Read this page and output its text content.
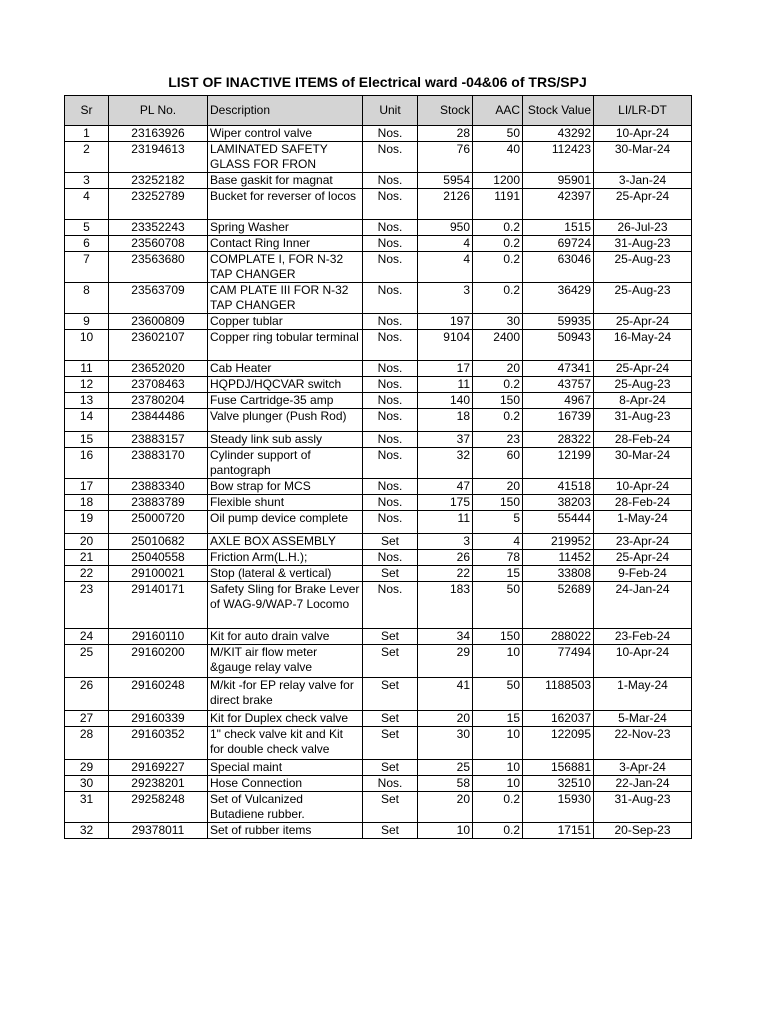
LIST OF INACTIVE ITEMS of Electrical ward -04&06 of TRS/SPJ
Sr	PL No.	Description	Unit	Stock	AAC	Stock Value	LI/LR-DT
1	23163926	Wiper control valve	Nos.	28	50	43292	10-Apr-24
2	23194613	LAMINATED SAFETY GLASS FOR FRON	Nos.	76	40	112423	30-Mar-24
3	23252182	Base gaskit for magnat	Nos.	5954	1200	95901	3-Jan-24
4	23252789	Bucket for reverser of locos	Nos.	2126	1191	42397	25-Apr-24
5	23352243	Spring Washer	Nos.	950	0.2	1515	26-Jul-23
6	23560708	Contact Ring Inner	Nos.	4	0.2	69724	31-Aug-23
7	23563680	COMPLATE I, FOR N-32 TAP CHANGER	Nos.	4	0.2	63046	25-Aug-23
8	23563709	CAM PLATE III FOR N-32 TAP CHANGER	Nos.	3	0.2	36429	25-Aug-23
9	23600809	Copper tublar	Nos.	197	30	59935	25-Apr-24
10	23602107	Copper ring tobular terminal	Nos.	9104	2400	50943	16-May-24
11	23652020	Cab Heater	Nos.	17	20	47341	25-Apr-24
12	23708463	HQPDJ/HQCVAR switch	Nos.	11	0.2	43757	25-Aug-23
13	23780204	Fuse Cartridge-35 amp	Nos.	140	150	4967	8-Apr-24
14	23844486	Valve plunger (Push Rod)	Nos.	18	0.2	16739	31-Aug-23
15	23883157	Steady link sub assly	Nos.	37	23	28322	28-Feb-24
16	23883170	Cylinder support of pantograph	Nos.	32	60	12199	30-Mar-24
17	23883340	Bow strap for MCS	Nos.	47	20	41518	10-Apr-24
18	23883789	Flexible shunt	Nos.	175	150	38203	28-Feb-24
19	25000720	Oil pump device complete	Nos.	11	5	55444	1-May-24
20	25010682	AXLE BOX ASSEMBLY	Set	3	4	219952	23-Apr-24
21	25040558	Friction Arm(L.H.);	Nos.	26	78	11452	25-Apr-24
22	29100021	Stop (lateral & vertical)	Set	22	15	33808	9-Feb-24
23	29140171	Safety Sling for Brake Lever of WAG-9/WAP-7 Locomo	Nos.	183	50	52689	24-Jan-24
24	29160110	Kit for auto drain valve	Set	34	150	288022	23-Feb-24
25	29160200	M/KIT air flow meter &gauge relay valve	Set	29	10	77494	10-Apr-24
26	29160248	M/kit -for EP relay valve for direct brake	Set	41	50	1188503	1-May-24
27	29160339	Kit for Duplex check valve	Set	20	15	162037	5-Mar-24
28	29160352	1" check valve kit and Kit for double check valve	Set	30	10	122095	22-Nov-23
29	29169227	Special maint	Set	25	10	156881	3-Apr-24
30	29238201	Hose Connection	Nos.	58	10	32510	22-Jan-24
31	29258248	Set of Vulcanized Butadiene rubber.	Set	20	0.2	15930	31-Aug-23
32	29378011	Set of rubber items	Set	10	0.2	17151	20-Sep-23
